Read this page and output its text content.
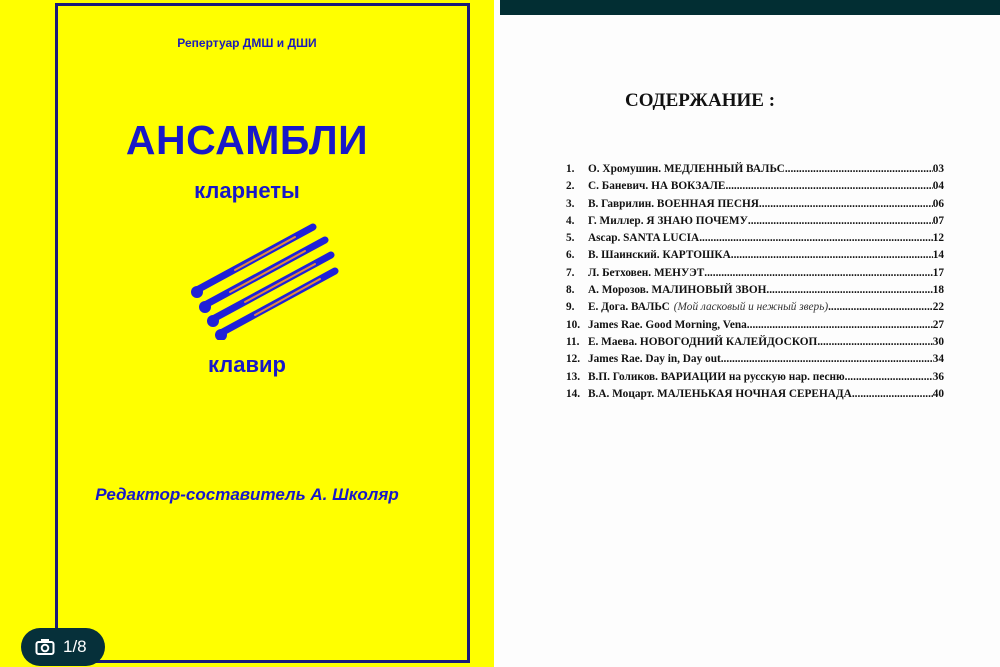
Репертуар ДМШ и ДШИ
АНСАМБЛИ
кларнеты
клавир
Редактор-составитель А. Школяр
1/8
СОДЕРЖАНИЕ :
1.	О. Хромушин. МЕДЛЕННЫЙ ВАЛЬС .....	03
2.	С. Баневич. НА ВОКЗАЛЕ .....	04
3.	В. Гаврилин. ВОЕННАЯ ПЕСНЯ .....	06
4.	Г. Миллер. Я ЗНАЮ ПОЧЕМУ .....	07
5.	Ascap. SANTA LUCIA .....	12
6.	В. Шаинский. КАРТОШКА .....	14
7.	Л. Бетховен. МЕНУЭТ .....	17
8.	А. Морозов. МАЛИНОВЫЙ ЗВОН .....	18
9.	Е. Дога. ВАЛЬС (Мой ласковый и нежный зверь) .....	22
10. James Rae. Good Morning, Vena .....	27
11. Е. Маева. НОВОГОДНИЙ КАЛЕЙДОСКОП .....	30
12. James Rae. Day in, Day out .....	34
13. В.П. Голиков. ВАРИАЦИИ на русскую нар. песню .....	36
14. В.А. Моцарт. МАЛЕНЬКАЯ НОЧНАЯ СЕРЕНАДА .....	40
